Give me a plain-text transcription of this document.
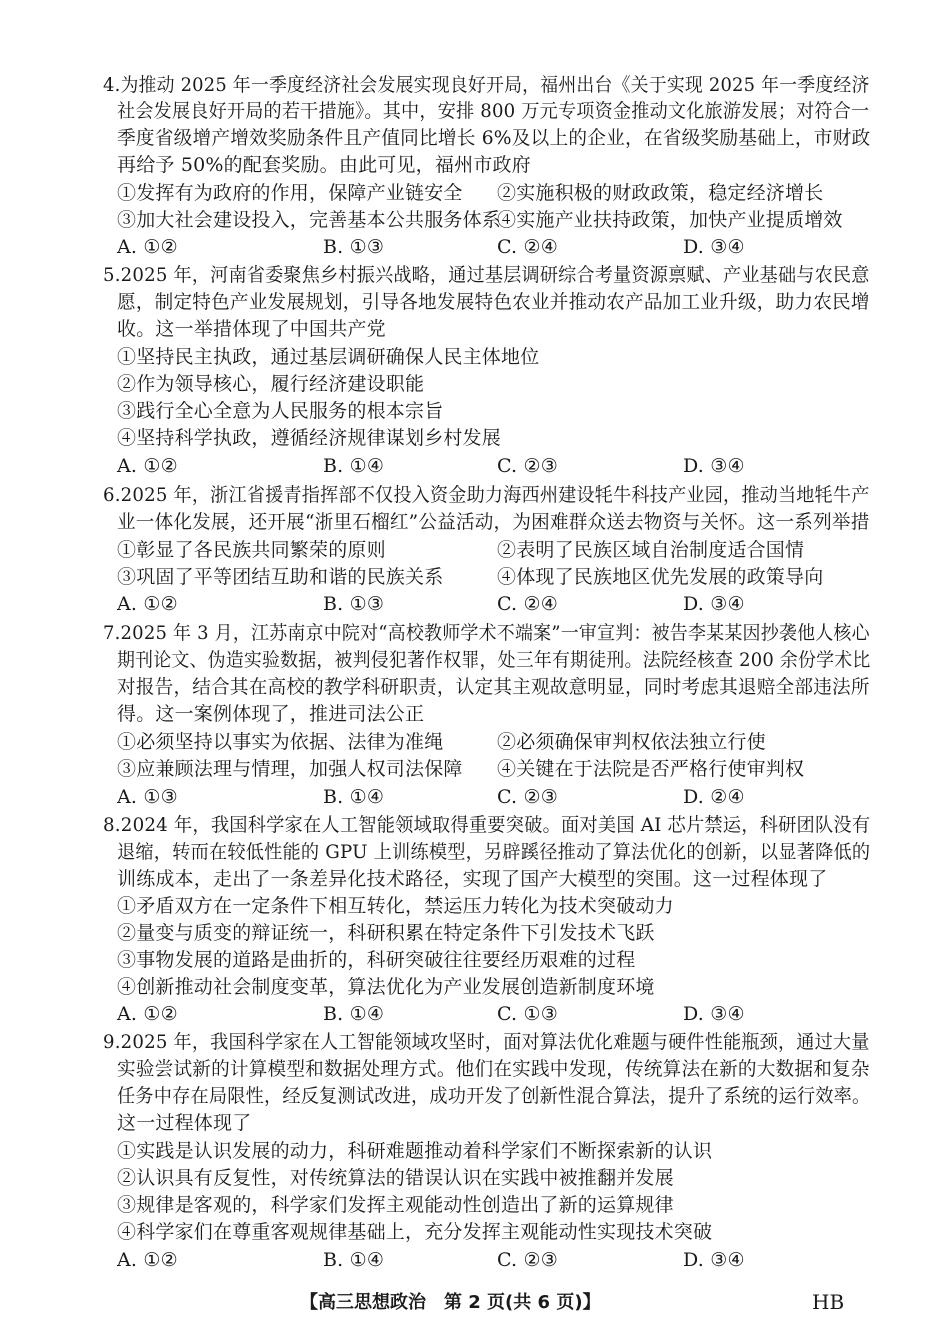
4.为推动 2025 年一季度经济社会发展实现良好开局，福州出台《关于实现 2025 年一季度经济
社会发展良好开局的若干措施》。其中，安排 800 万元专项资金推动文化旅游发展；对符合一
季度省级增产增效奖励条件且产值同比增长 6%及以上的企业，在省级奖励基础上，市财政
再给予 50%的配套奖励。由此可见，福州市政府
①发挥有为政府的作用，保障产业链安全 ②实施积极的财政政策，稳定经济增长
③加大社会建设投入，完善基本公共服务体系
④实施产业扶持政策，加快产业提质增效
A. ①②	B. ①③	C. ②④	D. ③④
5.2025 年，河南省委聚焦乡村振兴战略，通过基层调研综合考量资源禀赋、产业基础与农民意
愿，制定特色产业发展规划，引导各地发展特色农业并推动农产品加工业升级，助力农民增
收。这一举措体现了中国共产党
①坚持民主执政，通过基层调研确保人民主体地位
②作为领导核心，履行经济建设职能
③践行全心全意为人民服务的根本宗旨
④坚持科学执政，遵循经济规律谋划乡村发展
A. ①②	B. ①④	C. ②③	D. ③④
6.2025 年，浙江省援青指挥部不仅投入资金助力海西州建设牦牛科技产业园，推动当地牦牛产
业一体化发展，还开展“浙里石榴红”公益活动，为困难群众送去物资与关怀。这一系列举措
①彰显了各民族共同繁荣的原则	②表明了民族区域自治制度适合国情
③巩固了平等团结互助和谐的民族关系	④体现了民族地区优先发展的政策导向
A. ①②	B. ①③	C. ②④	D. ③④
7.2025 年 3 月，江苏南京中院对“高校教师学术不端案”一审宣判：被告李某某因抄袭他人核心
期刊论文、伪造实验数据，被判侵犯著作权罪，处三年有期徒刑。法院经核查 200 余份学术比
对报告，结合其在高校的教学科研职责，认定其主观故意明显，同时考虑其退赔全部违法所
得。这一案例体现了，推进司法公正
①必须坚持以事实为依据、法律为准绳	②必须确保审判权依法独立行使
③应兼顾法理与情理，加强人权司法保障 ④关键在于法院是否严格行使审判权
A. ①③	B. ①④	C. ②③	D. ②④
8.2024 年，我国科学家在人工智能领域取得重要突破。面对美国 AI 芯片禁运，科研团队没有
退缩，转而在较低性能的 GPU 上训练模型，另辟蹊径推动了算法优化的创新，以显著降低的
训练成本，走出了一条差异化技术路径，实现了国产大模型的突围。这一过程体现了
①矛盾双方在一定条件下相互转化，禁运压力转化为技术突破动力
②量变与质变的辩证统一，科研积累在特定条件下引发技术飞跃
③事物发展的道路是曲折的，科研突破往往要经历艰难的过程
④创新推动社会制度变革，算法优化为产业发展创造新制度环境
A. ①②	B. ①④	C. ①③	D. ③④
9.2025 年，我国科学家在人工智能领域攻坚时，面对算法优化难题与硬件性能瓶颈，通过大量
实验尝试新的计算模型和数据处理方式。他们在实践中发现，传统算法在新的大数据和复杂
任务中存在局限性，经反复测试改进，成功开发了创新性混合算法，提升了系统的运行效率。
这一过程体现了
①实践是认识发展的动力，科研难题推动着科学家们不断探索新的认识
②认识具有反复性，对传统算法的错误认识在实践中被推翻并发展
③规律是客观的，科学家们发挥主观能动性创造出了新的运算规律
④科学家们在尊重客观规律基础上，充分发挥主观能动性实现技术突破
A. ①②	B. ①④	C. ②③	D. ③④
【高三思想政治　第 2 页(共 6 页)】	HB
